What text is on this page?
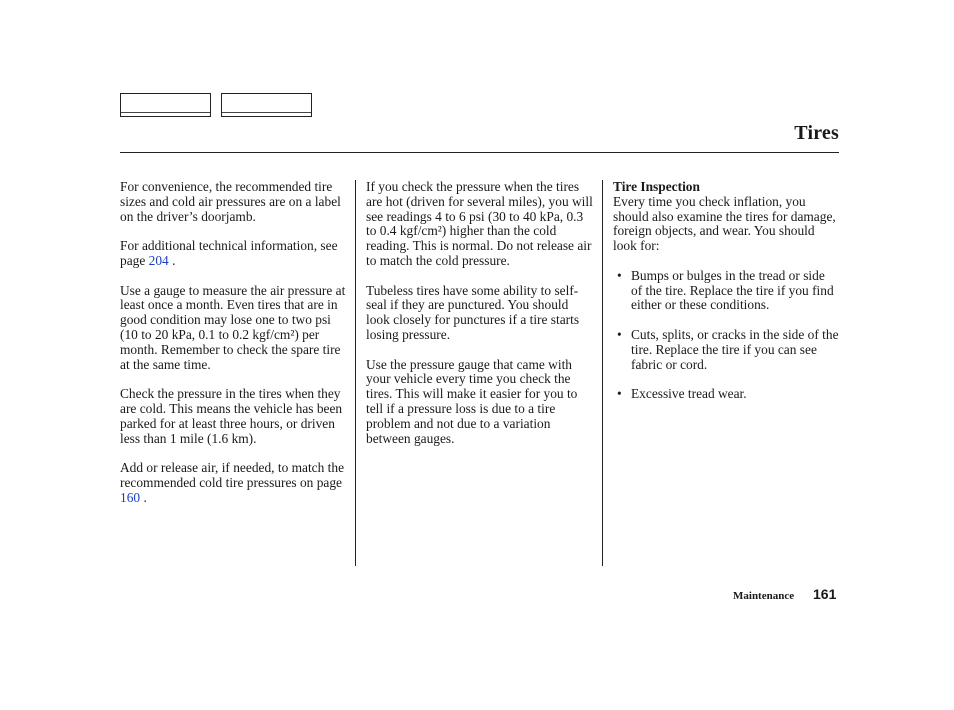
Tires

For convenience, the recommended tire sizes and cold air pressures are on a label on the driver’s doorjamb.

For additional technical information, see page 204 .

Use a gauge to measure the air pressure at least once a month. Even tires that are in good condition may lose one to two psi (10 to 20 kPa, 0.1 to 0.2 kgf/cm²) per month. Remember to check the spare tire at the same time.

Check the pressure in the tires when they are cold. This means the vehicle has been parked for at least three hours, or driven less than 1 mile (1.6 km).

Add or release air, if needed, to match the recommended cold tire pressures on page 160 .

If you check the pressure when the tires are hot (driven for several miles), you will see readings 4 to 6 psi (30 to 40 kPa, 0.3 to 0.4 kgf/cm²) higher than the cold reading. This is normal. Do not release air to match the cold pressure.

Tubeless tires have some ability to self-seal if they are punctured. You should look closely for punctures if a tire starts losing pressure.

Use the pressure gauge that came with your vehicle every time you check the tires. This will make it easier for you to tell if a pressure loss is due to a tire problem and not due to a variation between gauges.

Tire Inspection
Every time you check inflation, you should also examine the tires for damage, foreign objects, and wear. You should look for:

• Bumps or bulges in the tread or side of the tire. Replace the tire if you find either or these conditions.
• Cuts, splits, or cracks in the side of the tire. Replace the tire if you can see fabric or cord.
• Excessive tread wear.
Maintenance 161
